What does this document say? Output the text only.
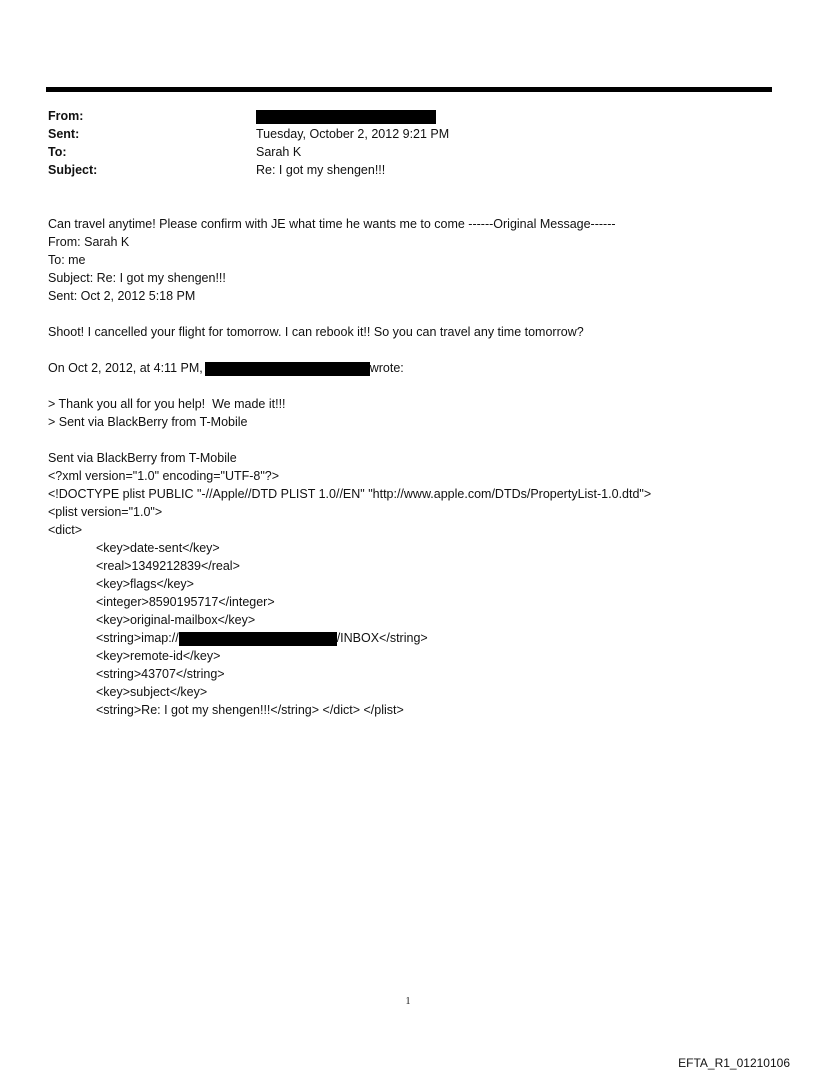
From:
Sent:	Tuesday, October 2, 2012 9:21 PM
To:	Sarah K
Subject:	Re: I got my shengen!!!
Can travel anytime! Please confirm with JE what time he wants me to come ------Original Message------
From: Sarah K
To: me
Subject: Re: I got my shengen!!!
Sent: Oct 2, 2012 5:18 PM
Shoot! I cancelled your flight for tomorrow. I can rebook it!! So you can travel any time tomorrow?
On Oct 2, 2012, at 4:11 PM,	wrote:
> Thank you all for you help!  We made it!!!
> Sent via BlackBerry from T-Mobile
Sent via BlackBerry from T-Mobile
<?xml version="1.0" encoding="UTF-8"?>
<!DOCTYPE plist PUBLIC "-//Apple//DTD PLIST 1.0//EN" "http://www.apple.com/DTDs/PropertyList-1.0.dtd">
<plist version="1.0">
<dict>
<key>date-sent</key>
<real>1349212839</real>
<key>flags</key>
<integer>8590195717</integer>
<key>original-mailbox</key>
<string>imap://	/INBOX</string>
<key>remote-id</key>
<string>43707</string>
<key>subject</key>
<string>Re: I got my shengen!!!</string> </dict> </plist>
1
EFTA_R1_01210106
